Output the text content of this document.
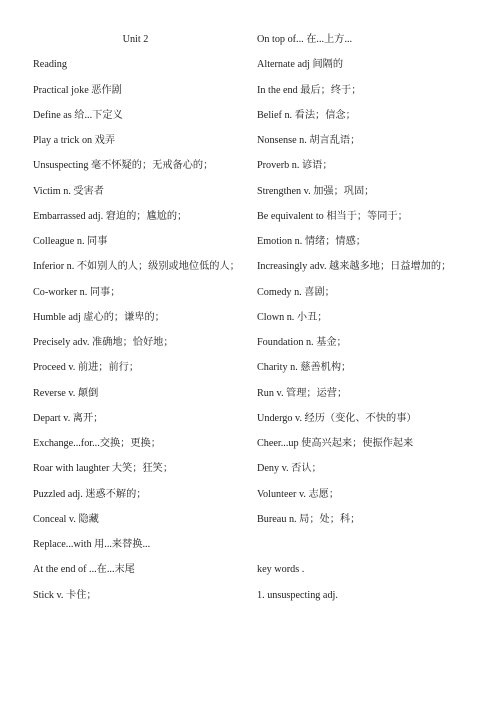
Unit 2
Reading
Practical joke 恶作剧
Define as 给...下定义
Play a trick on 戏弄
Unsuspecting 毫不怀疑的；无戒备心的；
Victim n. 受害者
Embarrassed adj. 窘迫的；尴尬的；
Colleague n. 同事
Inferior n. 不如别人的人；级别或地位低的人；
Co-worker n. 同事；
Humble adj 虚心的；谦卑的；
Precisely adv. 准确地；恰好地；
Proceed v. 前进；前行；
Reverse v. 颠倒
Depart v. 离开；
Exchange...for...交换；更换；
Roar with laughter 大笑；狂笑；
Puzzled adj. 迷惑不解的；
Conceal v. 隐藏
Replace...with 用...来替换...
At the end of ...在...末尾
Stick v. 卡住；
On top of... 在...上方...
Alternate adj 间隔的
In the end 最后；终于；
Belief n. 看法；信念；
Nonsense n. 胡言乱语；
Proverb n. 谚语；
Strengthen v. 加强；巩固；
Be equivalent to 相当于；等同于；
Emotion n. 情绪；情感；
Increasingly adv. 越来越多地；日益增加的；
Comedy n. 喜剧；
Clown n. 小丑；
Foundation n. 基金；
Charity n. 慈善机构；
Run v. 管理；运营；
Undergo v. 经历（变化、不快的事）
Cheer...up 使高兴起来；使振作起来
Deny v. 否认；
Volunteer v. 志愿；
Bureau n. 局；处；科；
key words .
1. unsuspecting adj.
